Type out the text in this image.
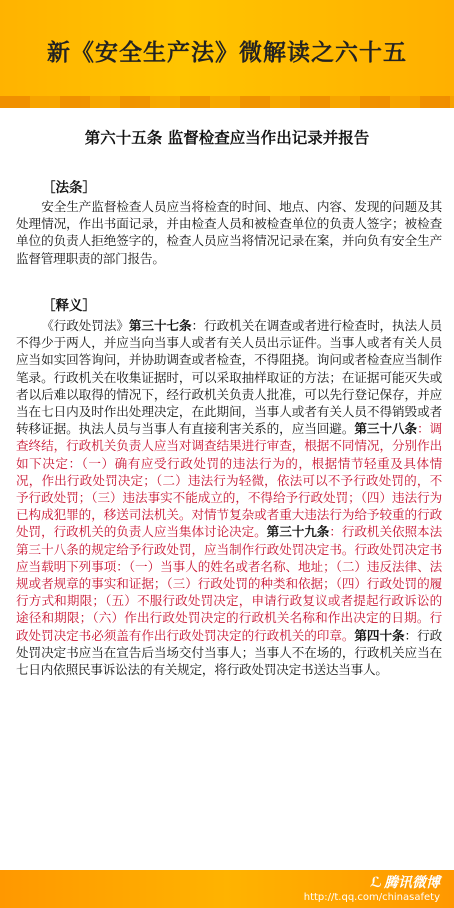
新《安全生产法》微解读之六十五
第六十五条 监督检查应当作出记录并报告
［法条］
安全生产监督检查人员应当将检查的时间、地点、内容、发现的问题及其处理情况，作出书面记录，并由检查人员和被检查单位的负责人签字；被检查单位的负责人拒绝签字的，检查人员应当将情况记录在案，并向负有安全生产监督管理职责的部门报告。
［释义］
《行政处罚法》第三十七条：行政机关在调查或者进行检查时，执法人员不得少于两人，并应当向当事人或者有关人员出示证件。当事人或者有关人员应当如实回答询问，并协助调查或者检查，不得阻挠。询问或者检查应当制作笔录。行政机关在收集证据时，可以采取抽样取证的方法；在证据可能灭失或者以后难以取得的情况下，经行政机关负责人批准，可以先行登记保存，并应当在七日内及时作出处理决定，在此期间，当事人或者有关人员不得销毁或者转移证据。执法人员与当事人有直接利害关系的，应当回避。第三十八条：调查终结，行政机关负责人应当对调查结果进行审查，根据不同情况，分别作出如下决定：（一）确有应受行政处罚的违法行为的，根据情节轻重及具体情况，作出行政处罚决定；（二）违法行为轻微，依法可以不予行政处罚的，不予行政处罚；（三）违法事实不能成立的，不得给予行政处罚；（四）违法行为已构成犯罪的，移送司法机关。对情节复杂或者重大违法行为给予较重的行政处罚，行政机关的负责人应当集体讨论决定。第三十九条：行政机关依照本法第三十八条的规定给予行政处罚，应当制作行政处罚决定书。行政处罚决定书应当载明下列事项：（一）当事人的姓名或者名称、地址；（二）违反法律、法规或者规章的事实和证据；（三）行政处罚的种类和依据；（四）行政处罚的履行方式和期限；（五）不服行政处罚决定，申请行政复议或者提起行政诉讼的途径和期限；（六）作出行政处罚决定的行政机关名称和作出决定的日期。行政处罚决定书必须盖有作出行政处罚决定的行政机关的印章。第四十条：行政处罚决定书应当在宣告后当场交付当事人；当事人不在场的，行政机关应当在七日内依照民事诉讼法的有关规定，将行政处罚决定书送达当事人。
ℒ 腾讯微博
http://t.qq.com/chinasafety
